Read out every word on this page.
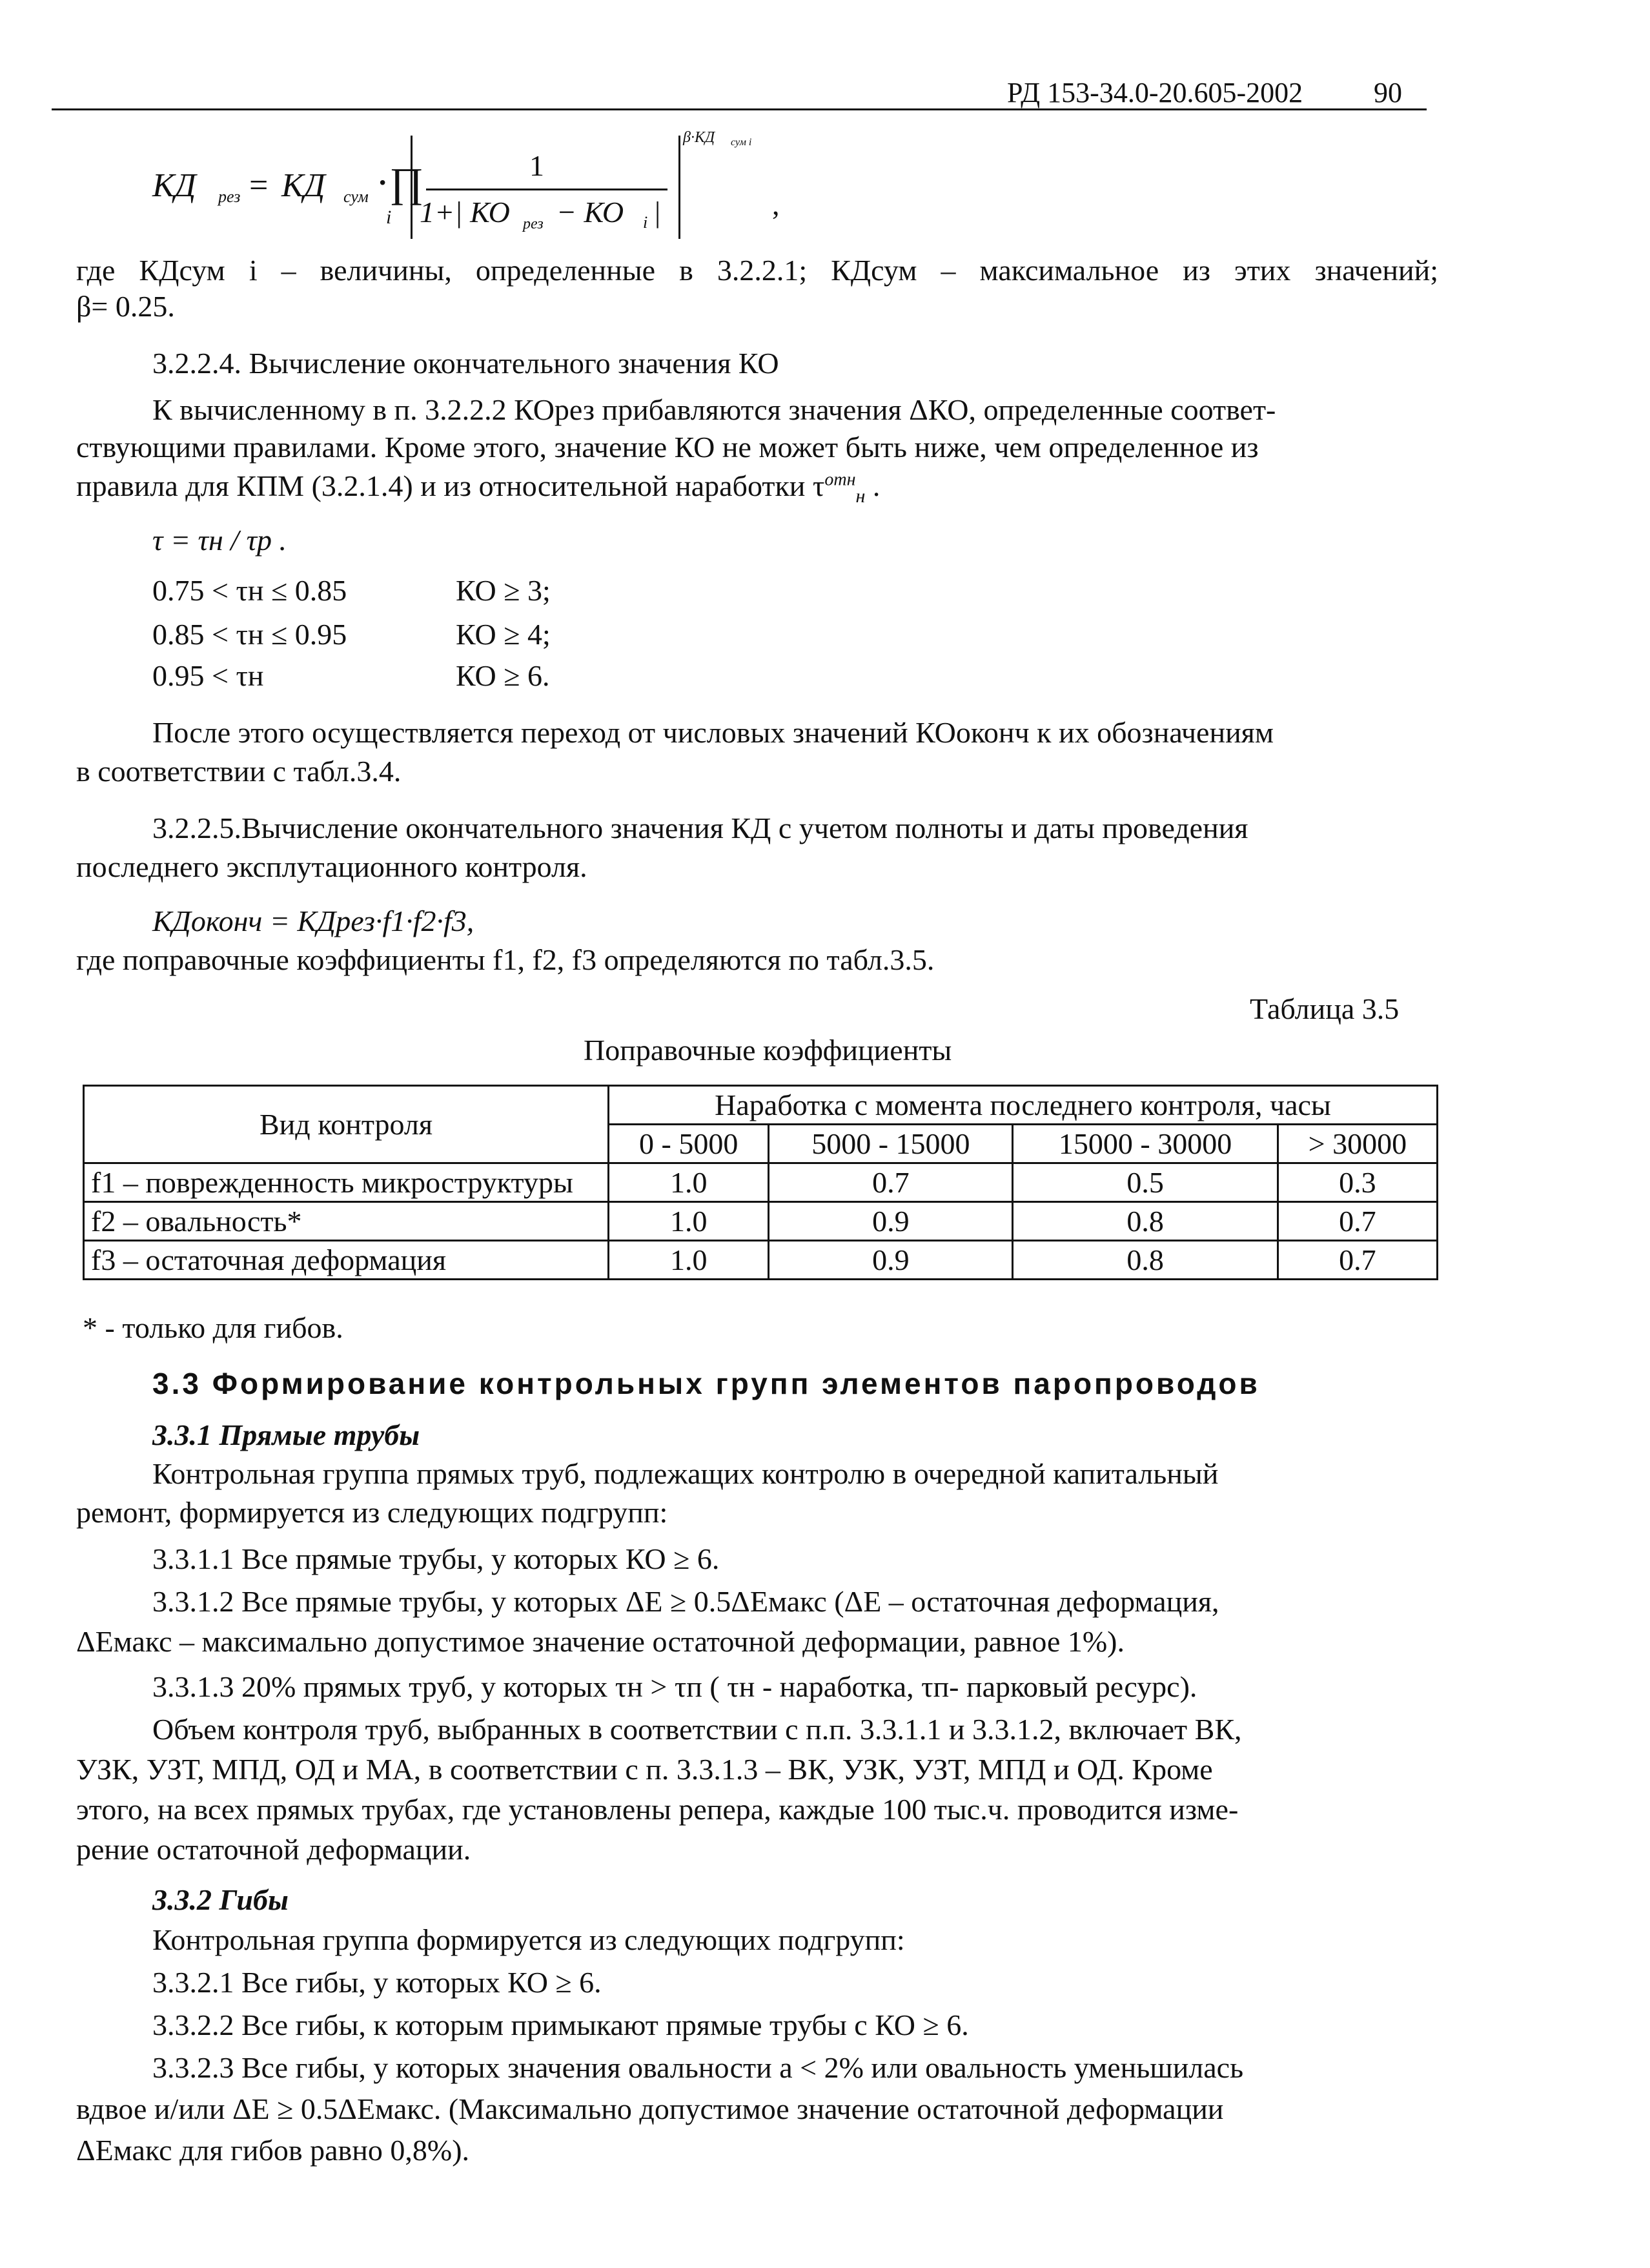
РД 153-34.0-20.605-2002 90
КД рез = КД сум ·∏
i
1
1+| КО рез − КО i |
β·КД сум i
,
где КДсум i – величины, определенные в 3.2.2.1; КДсум – максимальное из этих значений;
β= 0.25.
3.2.2.4. Вычисление окончательного значения КО
К вычисленному в п. 3.2.2.2 КОрез прибавляются значения ΔКО, определенные соответ-
ствующими правилами. Кроме этого, значение КО не может быть ниже, чем определенное из
правила для КПМ (3.2.1.4) и из относительной наработки $\tau^{отн}_н$ .
τ = τн / τр .
0.75 < τн ≤ 0.85	КО ≥ 3;
0.85 < τн ≤ 0.95	КО ≥ 4;
0.95 < τн	КО ≥ 6.
После этого осуществляется переход от числовых значений КОоконч к их обозначениям
в соответствии с табл.3.4.
3.2.2.5.Вычисление окончательного значения КД с учетом полноты и даты проведения
последнего эксплутационного контроля.
КДоконч = КДрез·f1·f2·f3,
где поправочные коэффициенты f1, f2, f3 определяются по табл.3.5.
Таблица 3.5
Поправочные коэффициенты
Вид контроля	Наработка с момента последнего контроля, часы			
	0 - 5000	5000 - 15000	15000 - 30000	> 30000
f1 – поврежденность микроструктуры	1.0	0.7	0.5	0.3
f2 – овальность*	1.0	0.9	0.8	0.7
f3 – остаточная деформация	1.0	0.9	0.8	0.7
* - только для гибов.
3.3 Формирование контрольных групп элементов паропроводов
3.3.1 Прямые трубы
Контрольная группа прямых труб, подлежащих контролю в очередной капитальный
ремонт, формируется из следующих подгрупп:
3.3.1.1 Все прямые трубы, у которых КО ≥ 6.
3.3.1.2 Все прямые трубы, у которых ΔЕ ≥ 0.5ΔЕмакс (ΔЕ – остаточная деформация,
ΔЕмакс – максимально допустимое значение остаточной деформации, равное 1%).
3.3.1.3 20% прямых труб, у которых τн > τп ( τн - наработка, τп- парковый ресурс).
Объем контроля труб, выбранных в соответствии с п.п. 3.3.1.1 и 3.3.1.2, включает ВК,
УЗК, УЗТ, МПД, ОД и МА, в соответствии с п. 3.3.1.3 – ВК, УЗК, УЗТ, МПД и ОД. Кроме
этого, на всех прямых трубах, где установлены репера, каждые 100 тыс.ч. проводится изме-
рение остаточной деформации.
3.3.2 Гибы
Контрольная группа формируется из следующих подгрупп:
3.3.2.1 Все гибы, у которых КО ≥ 6.
3.3.2.2 Все гибы, к которым примыкают прямые трубы с КО ≥ 6.
3.3.2.3 Все гибы, у которых значения овальности а < 2% или овальность уменьшилась
вдвое и/или ΔЕ ≥ 0.5ΔЕмакс. (Максимально допустимое значение остаточной деформации
ΔЕмакс для гибов равно 0,8%).
